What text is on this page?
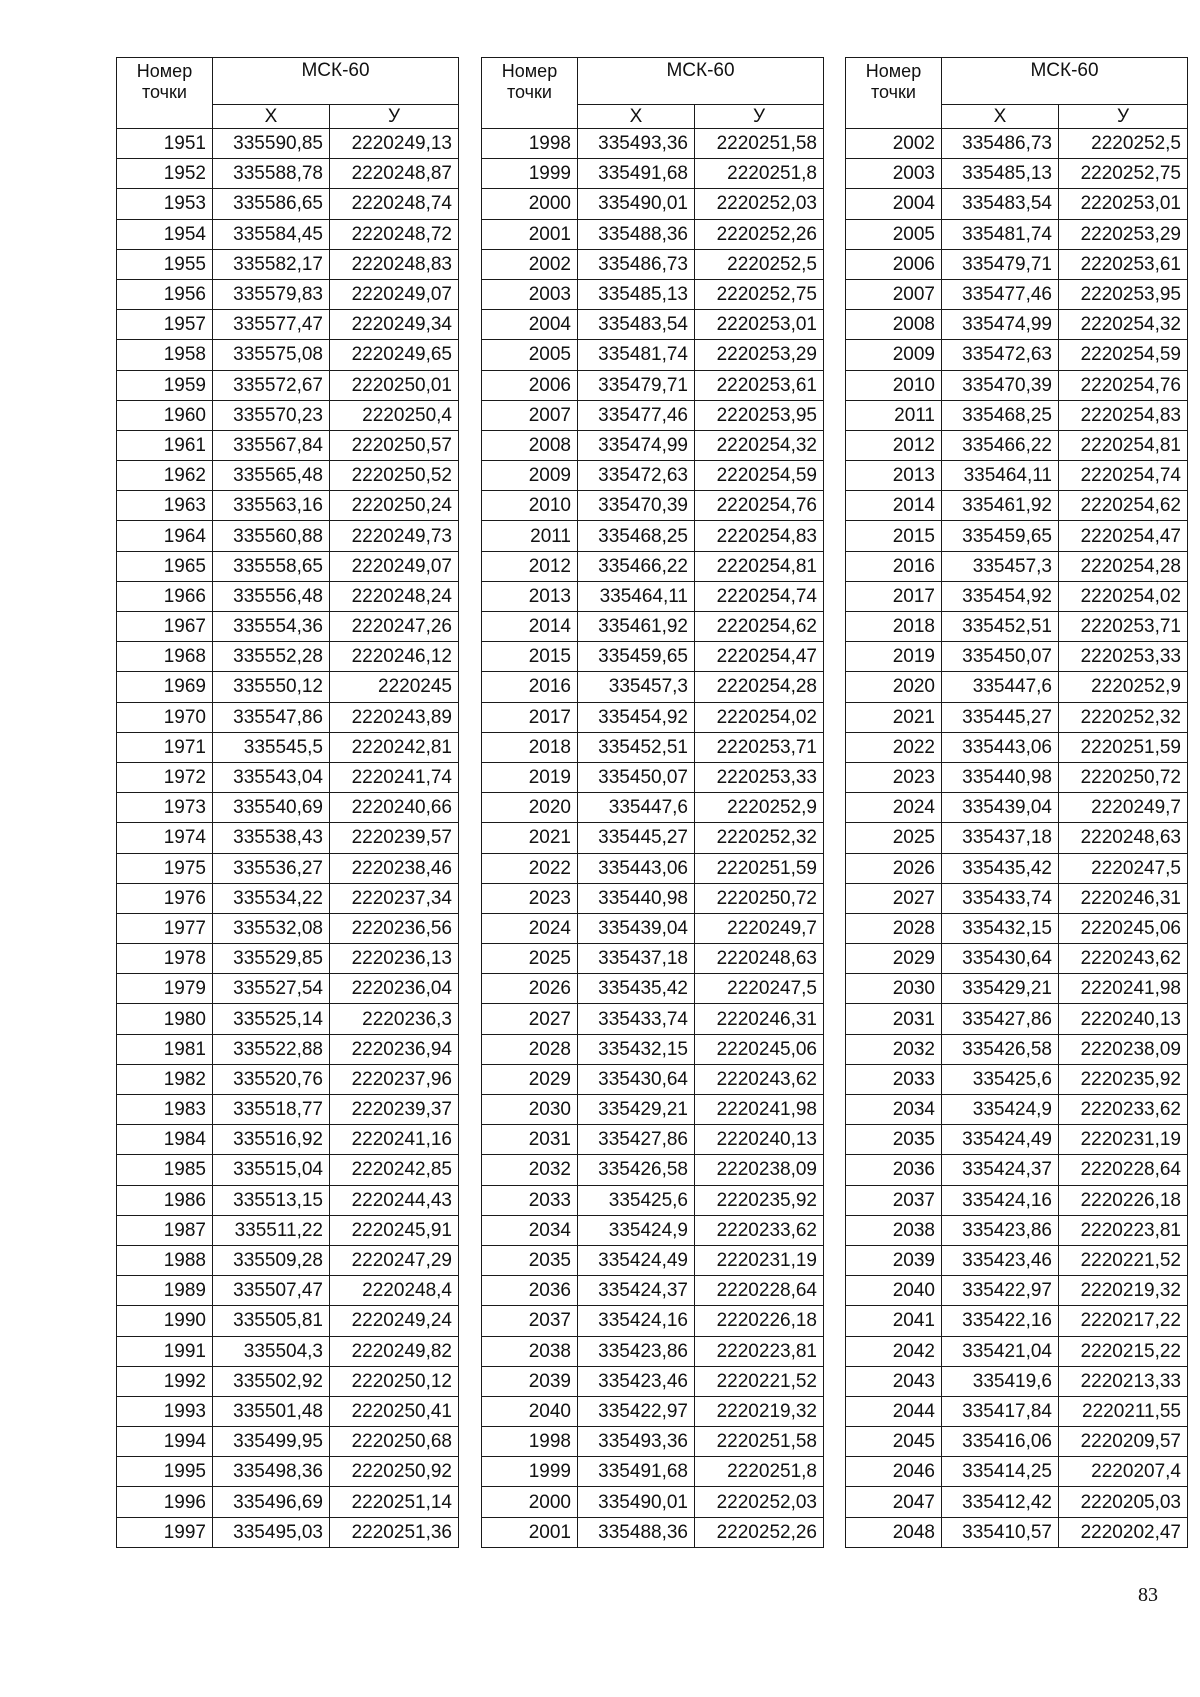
Номер точки	МСК-60	
	Х	У
1951	335590,85	2220249,13
1952	335588,78	2220248,87
1953	335586,65	2220248,74
1954	335584,45	2220248,72
1955	335582,17	2220248,83
1956	335579,83	2220249,07
1957	335577,47	2220249,34
1958	335575,08	2220249,65
1959	335572,67	2220250,01
1960	335570,23	2220250,4
1961	335567,84	2220250,57
1962	335565,48	2220250,52
1963	335563,16	2220250,24
1964	335560,88	2220249,73
1965	335558,65	2220249,07
1966	335556,48	2220248,24
1967	335554,36	2220247,26
1968	335552,28	2220246,12
1969	335550,12	2220245
1970	335547,86	2220243,89
1971	335545,5	2220242,81
1972	335543,04	2220241,74
1973	335540,69	2220240,66
1974	335538,43	2220239,57
1975	335536,27	2220238,46
1976	335534,22	2220237,34
1977	335532,08	2220236,56
1978	335529,85	2220236,13
1979	335527,54	2220236,04
1980	335525,14	2220236,3
1981	335522,88	2220236,94
1982	335520,76	2220237,96
1983	335518,77	2220239,37
1984	335516,92	2220241,16
1985	335515,04	2220242,85
1986	335513,15	2220244,43
1987	335511,22	2220245,91
1988	335509,28	2220247,29
1989	335507,47	2220248,4
1990	335505,81	2220249,24
1991	335504,3	2220249,82
1992	335502,92	2220250,12
1993	335501,48	2220250,41
1994	335499,95	2220250,68
1995	335498,36	2220250,92
1996	335496,69	2220251,14
1997	335495,03	2220251,36
Номер точки	МСК-60	
	Х	У
1998	335493,36	2220251,58
1999	335491,68	2220251,8
2000	335490,01	2220252,03
2001	335488,36	2220252,26
2002	335486,73	2220252,5
2003	335485,13	2220252,75
2004	335483,54	2220253,01
2005	335481,74	2220253,29
2006	335479,71	2220253,61
2007	335477,46	2220253,95
2008	335474,99	2220254,32
2009	335472,63	2220254,59
2010	335470,39	2220254,76
2011	335468,25	2220254,83
2012	335466,22	2220254,81
2013	335464,11	2220254,74
2014	335461,92	2220254,62
2015	335459,65	2220254,47
2016	335457,3	2220254,28
2017	335454,92	2220254,02
2018	335452,51	2220253,71
2019	335450,07	2220253,33
2020	335447,6	2220252,9
2021	335445,27	2220252,32
2022	335443,06	2220251,59
2023	335440,98	2220250,72
2024	335439,04	2220249,7
2025	335437,18	2220248,63
2026	335435,42	2220247,5
2027	335433,74	2220246,31
2028	335432,15	2220245,06
2029	335430,64	2220243,62
2030	335429,21	2220241,98
2031	335427,86	2220240,13
2032	335426,58	2220238,09
2033	335425,6	2220235,92
2034	335424,9	2220233,62
2035	335424,49	2220231,19
2036	335424,37	2220228,64
2037	335424,16	2220226,18
2038	335423,86	2220223,81
2039	335423,46	2220221,52
2040	335422,97	2220219,32
1998	335493,36	2220251,58
1999	335491,68	2220251,8
2000	335490,01	2220252,03
2001	335488,36	2220252,26
Номер точки	МСК-60	
	Х	У
2002	335486,73	2220252,5
2003	335485,13	2220252,75
2004	335483,54	2220253,01
2005	335481,74	2220253,29
2006	335479,71	2220253,61
2007	335477,46	2220253,95
2008	335474,99	2220254,32
2009	335472,63	2220254,59
2010	335470,39	2220254,76
2011	335468,25	2220254,83
2012	335466,22	2220254,81
2013	335464,11	2220254,74
2014	335461,92	2220254,62
2015	335459,65	2220254,47
2016	335457,3	2220254,28
2017	335454,92	2220254,02
2018	335452,51	2220253,71
2019	335450,07	2220253,33
2020	335447,6	2220252,9
2021	335445,27	2220252,32
2022	335443,06	2220251,59
2023	335440,98	2220250,72
2024	335439,04	2220249,7
2025	335437,18	2220248,63
2026	335435,42	2220247,5
2027	335433,74	2220246,31
2028	335432,15	2220245,06
2029	335430,64	2220243,62
2030	335429,21	2220241,98
2031	335427,86	2220240,13
2032	335426,58	2220238,09
2033	335425,6	2220235,92
2034	335424,9	2220233,62
2035	335424,49	2220231,19
2036	335424,37	2220228,64
2037	335424,16	2220226,18
2038	335423,86	2220223,81
2039	335423,46	2220221,52
2040	335422,97	2220219,32
2041	335422,16	2220217,22
2042	335421,04	2220215,22
2043	335419,6	2220213,33
2044	335417,84	2220211,55
2045	335416,06	2220209,57
2046	335414,25	2220207,4
2047	335412,42	2220205,03
2048	335410,57	2220202,47
83
